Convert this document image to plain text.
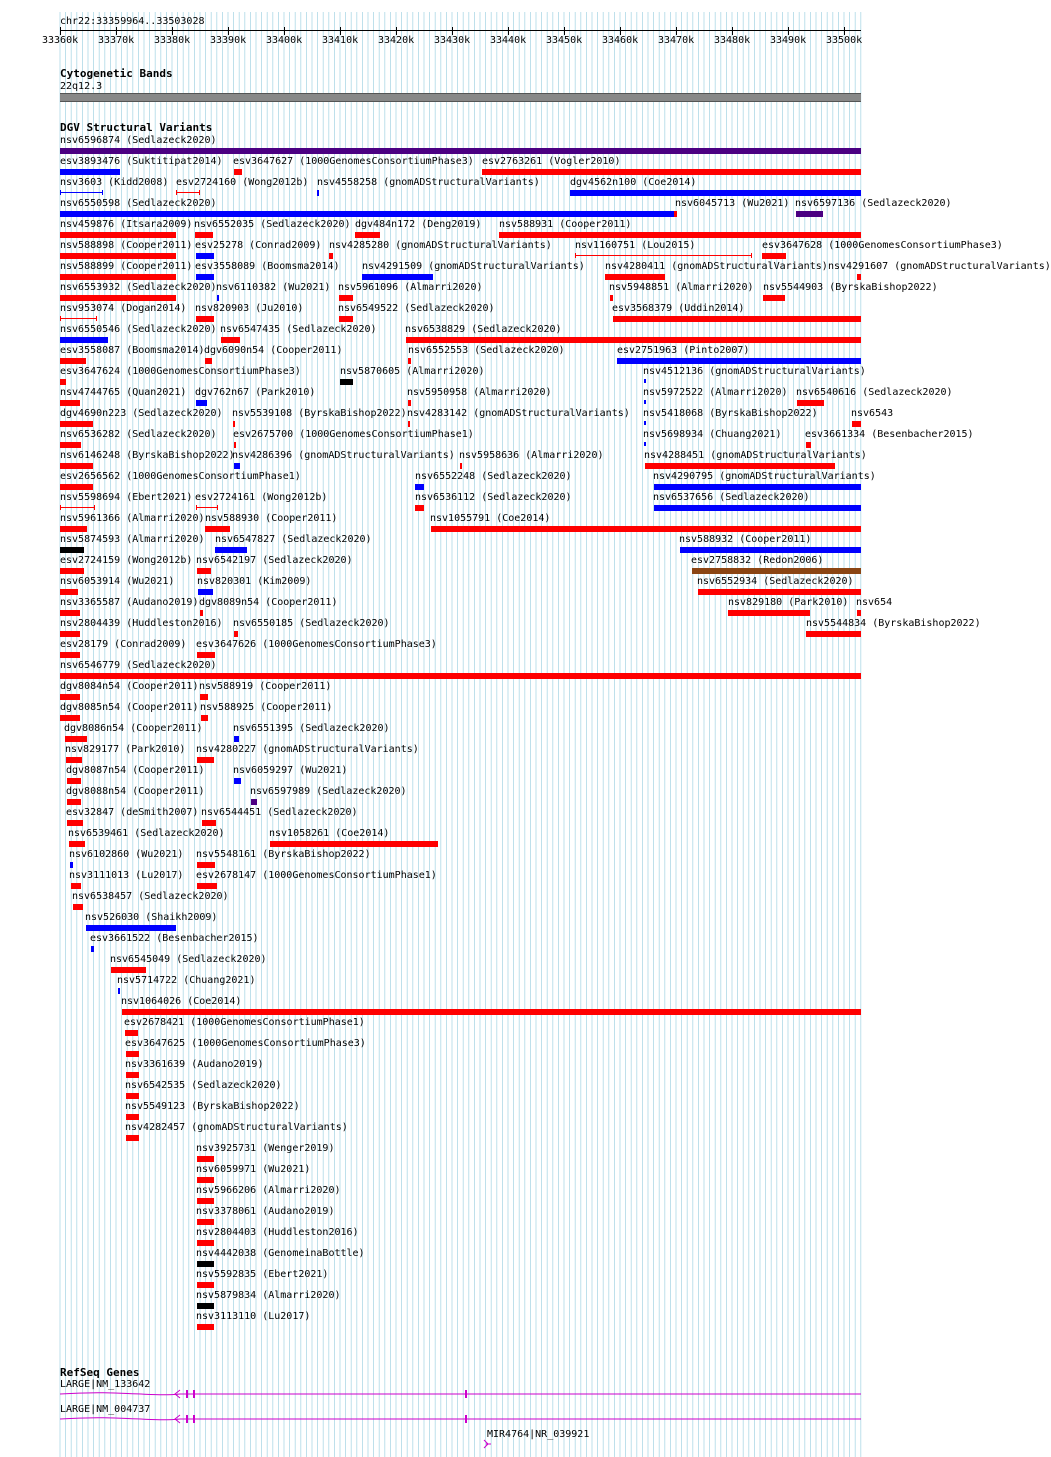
chr22:33359964..33503028
33360k 33370k 33380k 33390k 33400k 33410k 33420k 33430k 33440k 33450k 33460k 33470k 33480k 33490k 33500k
Cytogenetic Bands
22q12.3
DGV Structural Variants
nsv6596874 (Sedlazeck2020)
esv3893476 (Suktitipat2014) esv3647627 (1000GenomesConsortiumPhase3) esv2763261 (Vogler2010)
nsv3603 (Kidd2008) esv2724160 (Wong2012b) nsv4558258 (gnomADStructuralVariants)	dgv4562n100 (Coe2014)
nsv6550598 (Sedlazeck2020)	nsv6045713 (Wu2021) nsv6597136 (Sedlazeck2020)
nsv459876 (Itsara2009) nsv6552035 (Sedlazeck2020) dgv484n172 (Deng2019) nsv588931 (Cooper2011)
nsv588898 (Cooper2011) esv25278 (Conrad2009) nsv4285280 (gnomADStructuralVariants) nsv1160751 (Lou2015)	esv3647628 (1000GenomesConsortiumPhase3)
nsv588899 (Cooper2011) esv3558089 (Boomsma2014) nsv4291509 (gnomADStructuralVariants) nsv4280411 (gnomADStructuralVariants) nsv4291607 (gnomADStructuralVariants)
nsv6553932 (Sedlazeck2020) nsv6110382 (Wu2021) nsv5961096 (Almarri2020)	nsv5948851 (Almarri2020) nsv5544903 (ByrskaBishop2022)
nsv953074 (Dogan2014) nsv820903 (Ju2010)	nsv6549522 (Sedlazeck2020)	esv3568379 (Uddin2014)
nsv6550546 (Sedlazeck2020) nsv6547435 (Sedlazeck2020)	nsv6538829 (Sedlazeck2020)
esv3558087 (Boomsma2014) dgv6090n54 (Cooper2011)	nsv6552553 (Sedlazeck2020)	esv2751963 (Pinto2007)
esv3647624 (1000GenomesConsortiumPhase3)	nsv5870605 (Almarri2020)	nsv4512136 (gnomADStructuralVariants)
nsv4744765 (Quan2021) dgv762n67 (Park2010)	nsv5950958 (Almarri2020)	nsv5972522 (Almarri2020) nsv6540616 (Sedlazeck2020)
dgv4690n223 (Sedlazeck2020) nsv5539108 (ByrskaBishop2022) nsv4283142 (gnomADStructuralVariants) nsv5418068 (ByrskaBishop2022)	nsv6543
nsv6536282 (Sedlazeck2020) esv2675700 (1000GenomesConsortiumPhase1)	nsv5698934 (Chuang2021) esv3661334 (Besenbacher2015)
nsv6146248 (ByrskaBishop2022)
nsv4286396 (gnomADStructuralVariants) nsv5958636 (Almarri2020)	nsv4288451 (gnomADStructuralVariants)
esv2656562 (1000GenomesConsortiumPhase1)	nsv6552248 (Sedlazeck2020)	nsv4290795 (gnomADStructuralVariants)
nsv5598694 (Ebert2021) esv2724161 (Wong2012b)	nsv6536112 (Sedlazeck2020)	nsv6537656 (Sedlazeck2020)
nsv5961366 (Almarri2020) nsv588930 (Cooper2011)	nsv1055791 (Coe2014)
nsv5874593 (Almarri2020) nsv6547827 (Sedlazeck2020)	nsv588932 (Cooper2011)
esv2724159 (Wong2012b) nsv6542197 (Sedlazeck2020)	esv2758832 (Redon2006)
nsv6053914 (Wu2021) nsv820301 (Kim2009)	nsv6552934 (Sedlazeck2020)
nsv3365587 (Audano2019) dgv8089n54 (Cooper2011)	nsv829180 (Park2010) nsv654
nsv2804439 (Huddleston2016) nsv6550185 (Sedlazeck2020)	nsv5544834 (ByrskaBishop2022)
esv28179 (Conrad2009) esv3647626 (1000GenomesConsortiumPhase3)
nsv6546779 (Sedlazeck2020)
dgv8084n54 (Cooper2011) nsv588919 (Cooper2011)
dgv8085n54 (Cooper2011) nsv588925 (Cooper2011)
dgv8086n54 (Cooper2011)	nsv6551395 (Sedlazeck2020)
nsv829177 (Park2010) nsv4280227 (gnomADStructuralVariants)
dgv8087n54 (Cooper2011)	nsv6059297 (Wu2021)
dgv8088n54 (Cooper2011)	nsv6597989 (Sedlazeck2020)
esv32847 (deSmith2007) nsv6544451 (Sedlazeck2020)
nsv6539461 (Sedlazeck2020)	nsv1058261 (Coe2014)
nsv6102860 (Wu2021) nsv5548161 (ByrskaBishop2022)
nsv3111013 (Lu2017) esv2678147 (1000GenomesConsortiumPhase1)
nsv6538457 (Sedlazeck2020)
nsv526030 (Shaikh2009)
esv3661522 (Besenbacher2015)
nsv6545049 (Sedlazeck2020)
nsv5714722 (Chuang2021)
nsv1064026 (Coe2014)
esv2678421 (1000GenomesConsortiumPhase1)
esv3647625 (1000GenomesConsortiumPhase3)
nsv3361639 (Audano2019)
nsv6542535 (Sedlazeck2020)
nsv5549123 (ByrskaBishop2022)
nsv4282457 (gnomADStructuralVariants)
nsv3925731 (Wenger2019)
nsv6059971 (Wu2021)
nsv5966206 (Almarri2020)
nsv3378061 (Audano2019)
nsv2804403 (Huddleston2016)
nsv4442038 (GenomeinaBottle)
nsv5592835 (Ebert2021)
nsv5879834 (Almarri2020)
nsv3113110 (Lu2017)
RefSeq Genes
LARGE|NM_133642
LARGE|NM_004737
MIR4764|NR_039921
